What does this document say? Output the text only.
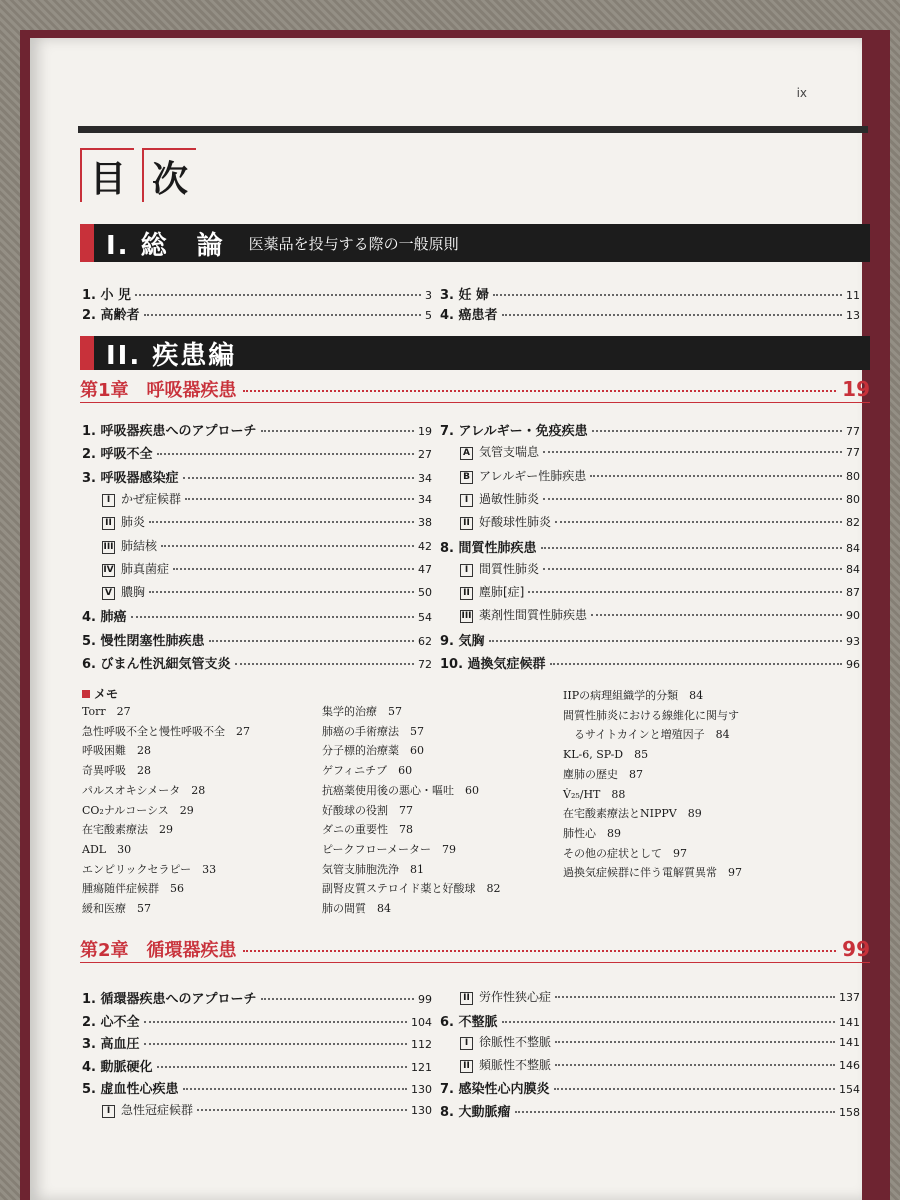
ix
目 次
I. 総　論 医薬品を投与する際の一般原則
1. 小 児	3
2. 高齢者	5
3. 妊 婦	11
4. 癌患者	13
II. 疾患編
第1章　呼吸器疾患	19
1. 呼吸器疾患へのアプローチ	19
2. 呼吸不全	27
3. 呼吸器感染症	34
I かぜ症候群	34
II 肺炎	38
III 肺結核	42
IV 肺真菌症	47
V 膿胸	50
4. 肺癌	54
5. 慢性閉塞性肺疾患	62
6. びまん性汎細気管支炎	72
7. アレルギー・免疫疾患	77
A 気管支喘息	77
B アレルギー性肺疾患	80
I 過敏性肺炎	80
II 好酸球性肺炎	82
8. 間質性肺疾患	84
I 間質性肺炎	84
II 塵肺[症]	87
III 薬剤性間質性肺疾患	90
9. 気胸	93
10. 過換気症候群	96
メモ
Torr　27
急性呼吸不全と慢性呼吸不全　27
呼吸困難　28
奇異呼吸　28
パルスオキシメータ　28
CO₂ナルコーシス　29
在宅酸素療法　29
ADL　30
エンピリックセラピー　33
腫瘍随伴症候群　56
緩和医療　57
集学的治療　57
肺癌の手術療法　57
分子標的治療薬　60
ゲフィニチブ　60
抗癌薬使用後の悪心・嘔吐　60
好酸球の役割　77
ダニの重要性　78
ピークフローメーター　79
気管支肺胞洗浄　81
副腎皮質ステロイド薬と好酸球　82
肺の間質　84
IIPの病理組織学的分類　84
間質性肺炎における線維化に関与す
　るサイトカインと増殖因子　84
KL-6, SP-D　85
塵肺の歴史　87
V̇₂₅/HT　88
在宅酸素療法とNIPPV　89
肺性心　89
その他の症状として　97
過換気症候群に伴う電解質異常　97
第2章　循環器疾患	99
1. 循環器疾患へのアプローチ	99
2. 心不全	104
3. 高血圧	112
4. 動脈硬化	121
5. 虚血性心疾患	130
I 急性冠症候群	130
II 労作性狭心症	137
6. 不整脈	141
I 徐脈性不整脈	141
II 頻脈性不整脈	146
7. 感染性心内膜炎	154
8. 大動脈瘤	158
